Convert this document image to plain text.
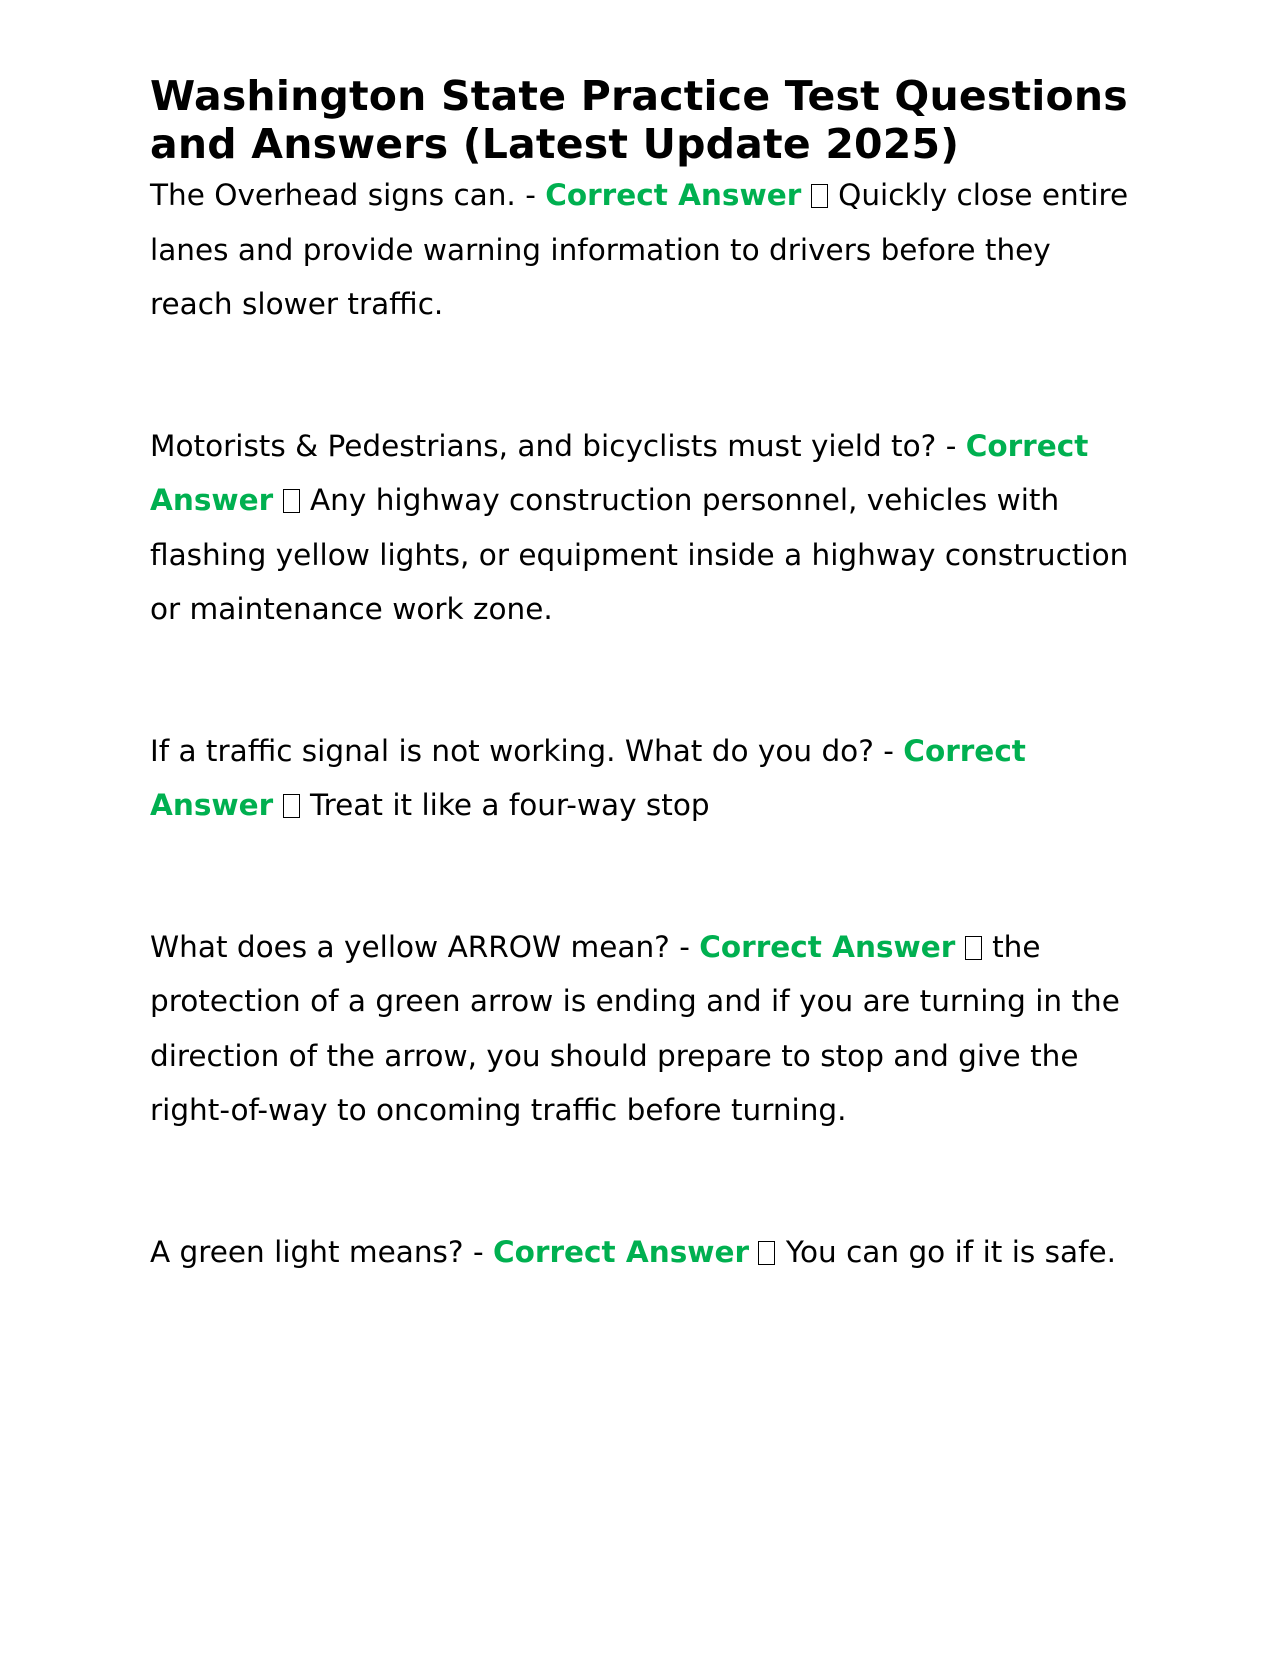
Washington State Practice Test Questions and Answers (Latest Update 2025)

The Overhead signs can. - Correct Answer Quickly close entire lanes and provide warning information to drivers before they reach slower traffic.

Motorists & Pedestrians, and bicyclists must yield to? - Correct Answer Any highway construction personnel, vehicles with flashing yellow lights, or equipment inside a highway construction or maintenance work zone.

If a traffic signal is not working. What do you do? - Correct Answer Treat it like a four-way stop

What does a yellow ARROW mean? - Correct Answer the protection of a green arrow is ending and if you are turning in the direction of the arrow, you should prepare to stop and give the right-of-way to oncoming traffic before turning.

A green light means? - Correct Answer You can go if it is safe.
